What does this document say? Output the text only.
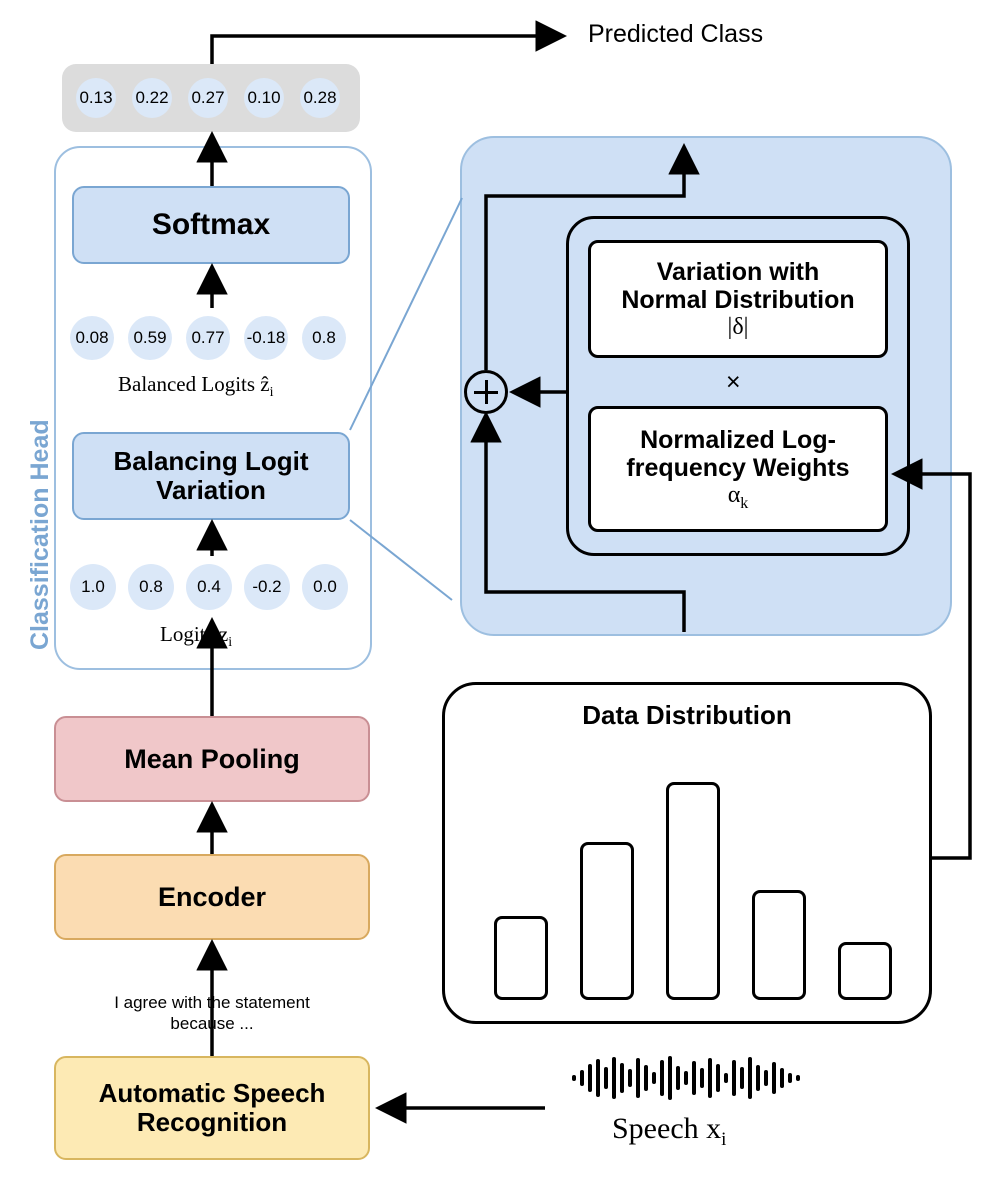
Classification Head
Predicted Class
0.13 0.22 0.27 0.10 0.28
Softmax
0.08	0.59	0.77	-0.18	0.8
Balanced Logits ẑ$_i$
Balancing Logit Variation
1.0	0.8	0.4	-0.2	0.0
Logits $z_i$
Mean Pooling
Encoder
I agree with the statement because ...
Automatic Speech Recognition
Variation with
Normal Distribution
|δ|
×
Normalized Log-
frequency Weights
$\alpha_k$
Data Distribution
Speech $x_i$
